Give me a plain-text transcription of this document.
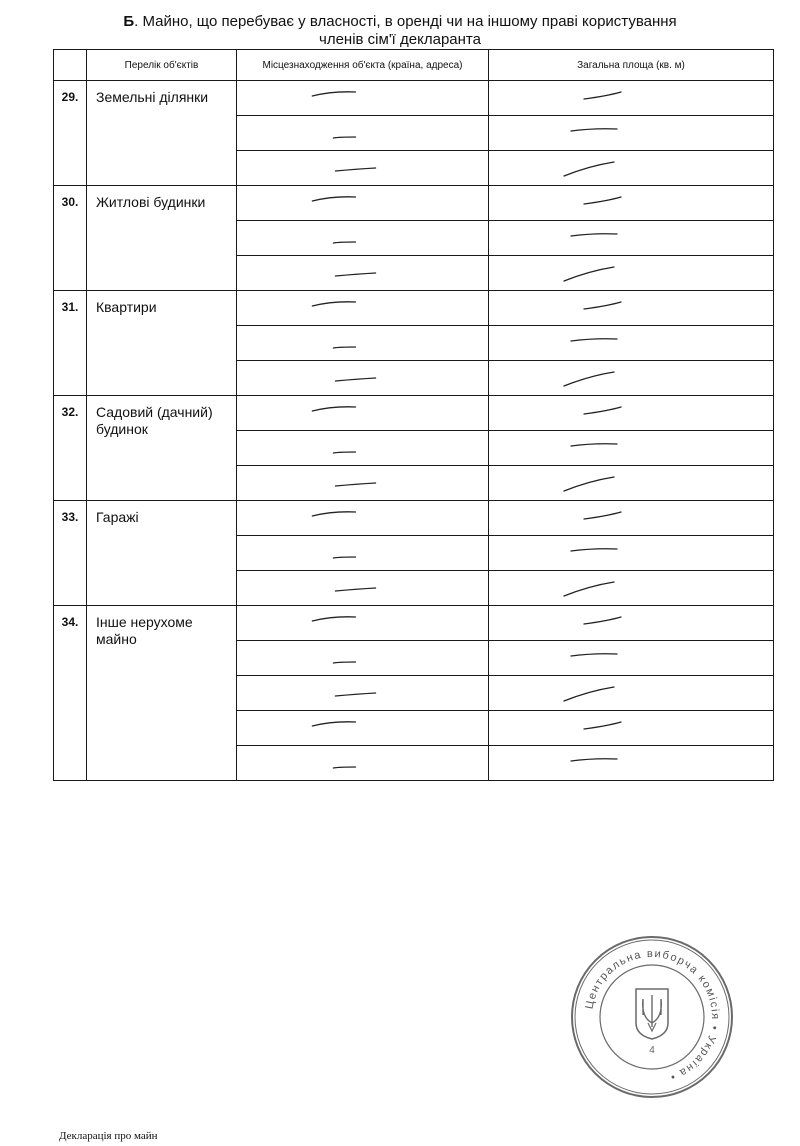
Б. Майно, що перебуває у власності, в оренді чи на іншому праві користування
членів сім'ї декларанта
	Перелік об'єктів	Місцезнаходження об'єкта (країна, адреса)	Загальна площа (кв. м)
29.	Земельні ділянки	

30.	Житлові будинки	

31.	Квартири	

32.	Садовий (дачний) будинок	

33.	Гаражі	

34.	Інше нерухоме майно	

Центральна виборча комісія • Україна •
4
Декларація про майн
